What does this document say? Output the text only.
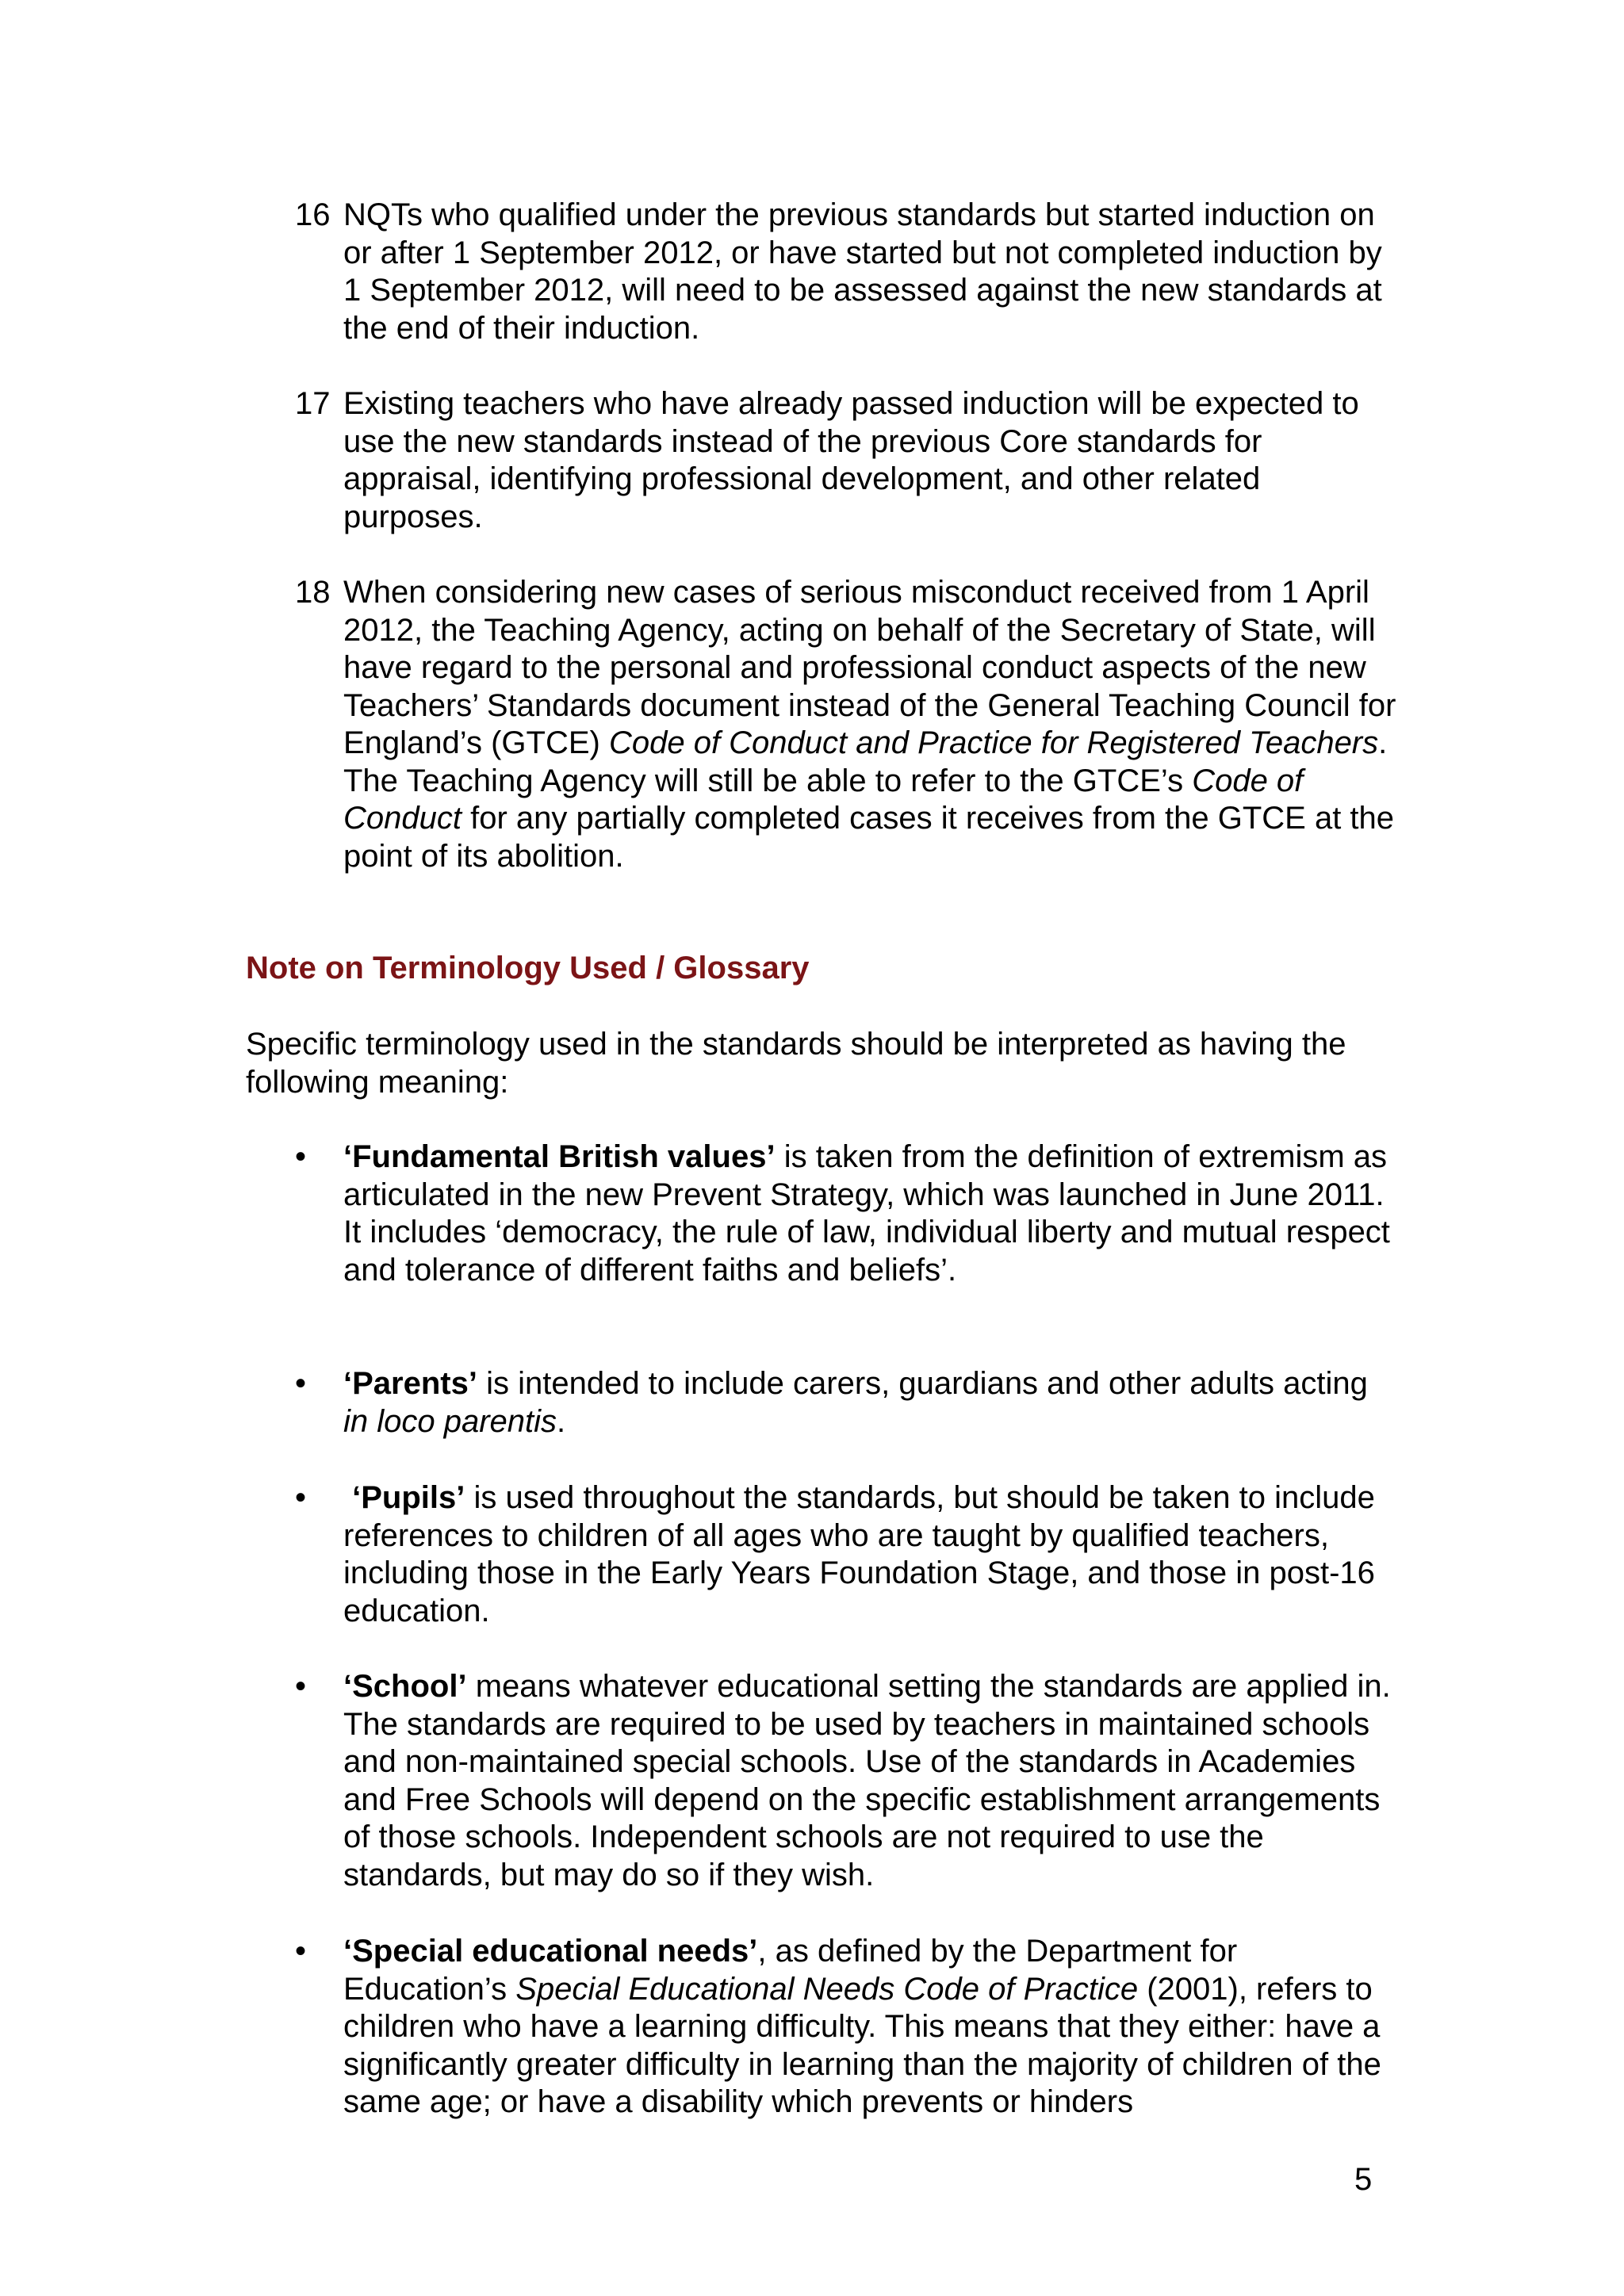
16 NQTs who qualified under the previous standards but started induction on or after 1 September 2012, or have started but not completed induction by 1 September 2012, will need to be assessed against the new standards at the end of their induction.

17 Existing teachers who have already passed induction will be expected to use the new standards instead of the previous Core standards for appraisal, identifying professional development, and other related purposes.

18 When considering new cases of serious misconduct received from 1 April 2012, the Teaching Agency, acting on behalf of the Secretary of State, will have regard to the personal and professional conduct aspects of the new Teachers’ Standards document instead of the General Teaching Council for England’s (GTCE) Code of Conduct and Practice for Registered Teachers. The Teaching Agency will still be able to refer to the GTCE’s Code of Conduct for any partially completed cases it receives from the GTCE at the point of its abolition.

Note on Terminology Used / Glossary

Specific terminology used in the standards should be interpreted as having the following meaning:

• ‘Fundamental British values’ is taken from the definition of extremism as articulated in the new Prevent Strategy, which was launched in June 2011. It includes ‘democracy, the rule of law, individual liberty and mutual respect and tolerance of different faiths and beliefs’.

• ‘Parents’ is intended to include carers, guardians and other adults acting in loco parentis.

• ‘Pupils’ is used throughout the standards, but should be taken to include references to children of all ages who are taught by qualified teachers, including those in the Early Years Foundation Stage, and those in post-16 education.

• ‘School’ means whatever educational setting the standards are applied in. The standards are required to be used by teachers in maintained schools and non-maintained special schools. Use of the standards in Academies and Free Schools will depend on the specific establishment arrangements of those schools. Independent schools are not required to use the standards, but may do so if they wish.

• ‘Special educational needs’, as defined by the Department for Education’s Special Educational Needs Code of Practice (2001), refers to children who have a learning difficulty. This means that they either: have a significantly greater difficulty in learning than the majority of children of the same age; or have a disability which prevents or hinders

5
